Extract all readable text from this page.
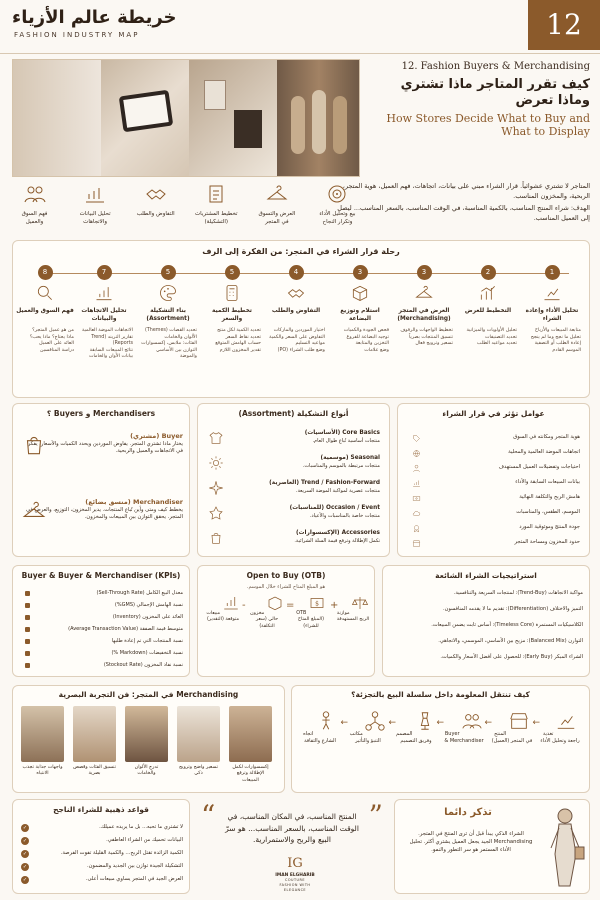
خريطة عالم الأزياء
FASHION INDUSTRY MAP	12
12. Fashion Buyers & Merchandising
كيف تقرر المتاجر ماذا تشتري وماذا تعرض
How Stores Decide What to Buy and What to Display

المتاجر لا تشتري عشوائياً. قرار الشراء مبني على بيانات، اتجاهات، فهم العميل، هوية المتجر، الربحية، والمخزون المناسب.

الهدف: شراء المنتج المناسب، بالكمية المناسبة، في الوقت المناسب، بالسعر المناسب... ليصل إلى العميل المناسب.

فهم السوق والعميل
تحليل البيانات والاتجاهات
التفاوض والطلب	تخطيط المشتريات (التشكيلة)
العرض والتسوق في المتجر
بيع وتحليل الأداء وتكرار النجاح
رحلة قرار الشراء في المتجر: من الفكرة إلى الرف
1
تحليل الأداء وإعادة الشراء
متابعة المبيعات والأرباح
تحليل ما نجح وما لم ينجح
إعادة الطلب أو التصفية
الموسم القادم
2
التخطيط للعرض
تحليل الأولويات والميزانية
تحديد التصنيفات
تحديد مواعيد الطلب
3
العرض في المتجر (Merchandising)
تخطيط الواجهات والرفوف
تنسيق المنتجات بصرياً
تسعير وترويج فعال
3
استلام وتوزيع البضاعة
فحص الجودة والكميات
توجيه البضاعة للفروع
التخزين والمتابعة
وضع علامات
4
التفاوض والطلب
اختيار الموردين والماركات
التفاوض على السعر والكمية
مواعيد التسليم
وضع طلب الشراء (PO)
5
تخطيط الكمية والسعر
تحديد الكمية لكل منتج
تحديد نقاط السعر
حساب الهامش المتوقع
تقدير المخزون اللازم
5
بناء التشكيلة (Assortment)
تحديد القصات (Themes)
الألوان والخامات
الفئات: ملابس، إكسسوارات
التوازن بين الأساسي والموضة
7
تحليل الاتجاهات والبيانات
الاتجاهات الموضة العالمية
تقارير التريند (Trend Reports)
نتائج المبيعات السابقة
بيانات الأوان والخامات
8
فهم السوق والعميل
من هو عميل المتجر؟
ماذا يحتاج؟ ماذا يحب؟
العائد على العميل
دراسة المنافسين
Merchandisers و Buyers ؟
Buyer (مشتري)
يختار ماذا تشتري المتجر. يفاوض الموردين ويحدد الكميات والأسعار. يفكر في الاتجاهات والعميل والربحية.
Merchandiser (منسق بضائع)
يخطط كيف ومتى وأين تُباع المنتجات. يدير المخزون، التوزيع، والعرض في المتجر. يحقق التوازن بين المبيعات والمخزون.
أنواع التشكيلة (Assortment)
Core Basics (الأساسيات)
منتجات أساسية تُباع طوال العام.
Seasonal (موسمية)
منتجات مرتبطة بالموسم والمناسبات.
Trend / Fashion-Forward (العاصرية)
منتجات عصرية لمواكبة الموضة السريعة.
Occasion / Event (للمناسبات)
منتجات خاصة بالمناسبات والأعياد.
Accessories (الإكسسوارات)
تكمل الإطلالة وترفع قيمة السلة الشرائية.
عوامل تؤثر في قرار الشراء
هوية المتجر ومكانته في السوق
اتجاهات الموضة العالمية والمحلية
احتياجات وتفضيلات العميل المستهدف
بيانات المبيعات السابقة والأداء
هامش الربح والتكلفة النهائية
الموسم، الطقس، والمناسبات
جودة المنتج وموثوقية المورد
حدود المخزون ومساحة المتجر
Buyer & Buyer & Merchandiser (KPIs)
معدل البيع الكامل (Sell-Through Rate)
نسبة الهامش الإجمالي (GMS%)
العائد على المخزون (Inventory)
متوسط قيمة الصفقة (Average Transaction Value)
نسبة المنتجات التي تم إعادة طلبها
نسبة التخفيضات (Markdown %)
نسبة نفاذ المخزون (Stockout Rate)
Open to Buy (OTB)
هو المبلغ المتاح للشراء خلال الموسم.
مبيعات متوقعة (التقدير)
-
مخزون حالي (سعر التكلفة)
=	$
OTB (المبلغ المتاح للشراء)
+
موازنة الربح المستهدفة
استراتيجيات الشراء الشائعة
مواكبة الاتجاهات (Trend-Buy): لمنتجات السريعة والتنافسية.
التميز والاختلاف (Differentiation): تقديم ما لا يقدمه المنافسون.
الكلاسيكيات المستمرة (Timeless Core): أساس ثابت يضمن المبيعات.
التوازن (Balanced Mix): مزيج بين الأساسي، الموسمي، والاتجاهي.
الشراء المبكر (Early Buy): للحصول على أفضل الأسعار والكميات.
Merchandising في المتجر: فن التجربة البصرية
واجهات جذابة تجذب الانتباه
تنسيق الفئات وقصص بصرية
تدرج الألوان والخامات
تسعير واضح وترويج ذكي
إكسسوارات لكمل الإطلالة وترفع المبيعات
كيف تنتقل المعلومة داخل سلسلة البيع بالتجزئة؟
تغذية راجعة وتحليل الأداء
←
المنتج في المتجر (العميل)
←
Buyer & Merchandiser
←
المصمم وفريق التصميم
←
مكاتب التنبؤ والتأثير
←
اتجاه الشارع والثقافة
قواعد ذهبية للشراء الناجح
✓	لا تشتري ما تحبه... بل ما يريده عميلك.
✓	البيانات تحميك من الشراء العاطفي.
✓	الكمية الزائدة تقتل الربح... والكمية القليلة تفوت الفرصة.
✓	التشكيلة الجيدة توازن بين الجديد والمضمون.
✓	العرض الجيد في المتجر يساوي مبيعات أعلى.
“	”
المنتج المناسب، في المكان المناسب، في الوقت المناسب، بالسعر المناسب... هو سرّ البيع والربح والاستمرارية.
IG
IMAN ELGHARIB
COUTURE
FASHION WITH ELEGANCE
تذكر دائما
الشراء الذكي يبدأ قبل أن ترى المنتج في المتجر. Merchandising الجيد يجعل العميل يشتري أكثر. تحليل الأداء المستمر هو سر التطور والنمو.
